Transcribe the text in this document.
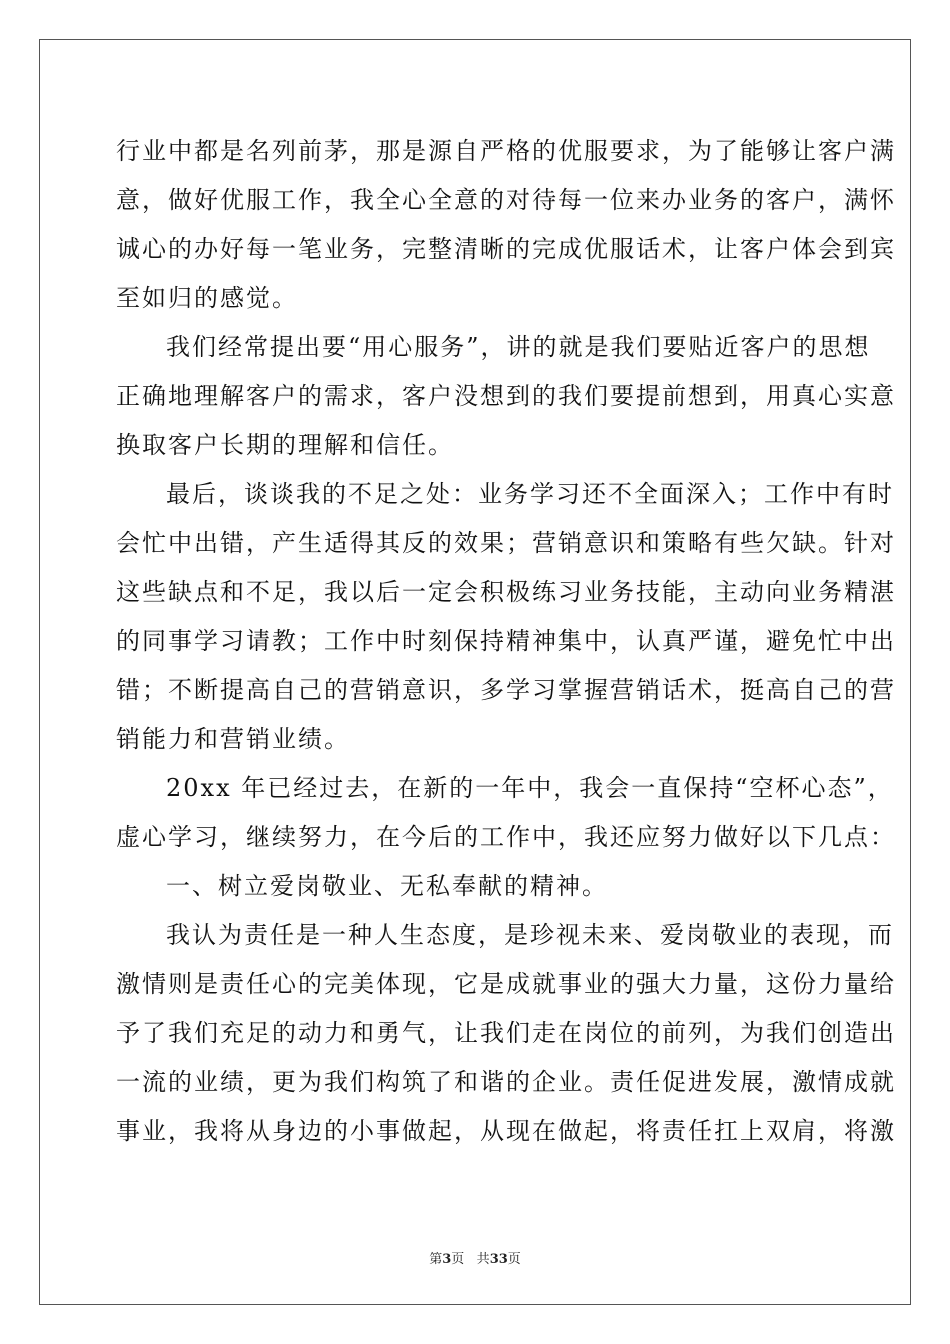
行业中都是名列前茅，那是源自严格的优服要求，为了能够让客户满
意，做好优服工作，我全心全意的对待每一位来办业务的客户，满怀
诚心的办好每一笔业务，完整清晰的完成优服话术，让客户体会到宾
至如归的感觉。
我们经常提出要“用心服务”，讲的就是我们要贴近客户的思想
正确地理解客户的需求，客户没想到的我们要提前想到，用真心实意
换取客户长期的理解和信任。
最后，谈谈我的不足之处：业务学习还不全面深入；工作中有时
会忙中出错，产生适得其反的效果；营销意识和策略有些欠缺。针对
这些缺点和不足，我以后一定会积极练习业务技能，主动向业务精湛
的同事学习请教；工作中时刻保持精神集中，认真严谨，避免忙中出
错；不断提高自己的营销意识，多学习掌握营销话术，挺高自己的营
销能力和营销业绩。
20xx 年已经过去，在新的一年中，我会一直保持“空杯心态”，
虚心学习，继续努力，在今后的工作中，我还应努力做好以下几点：
一、树立爱岗敬业、无私奉献的精神。
我认为责任是一种人生态度，是珍视未来、爱岗敬业的表现，而
激情则是责任心的完美体现，它是成就事业的强大力量，这份力量给
予了我们充足的动力和勇气，让我们走在岗位的前列，为我们创造出
一流的业绩，更为我们构筑了和谐的企业。责任促进发展，激情成就
事业，我将从身边的小事做起，从现在做起，将责任扛上双肩，将激
第3页 共33页
